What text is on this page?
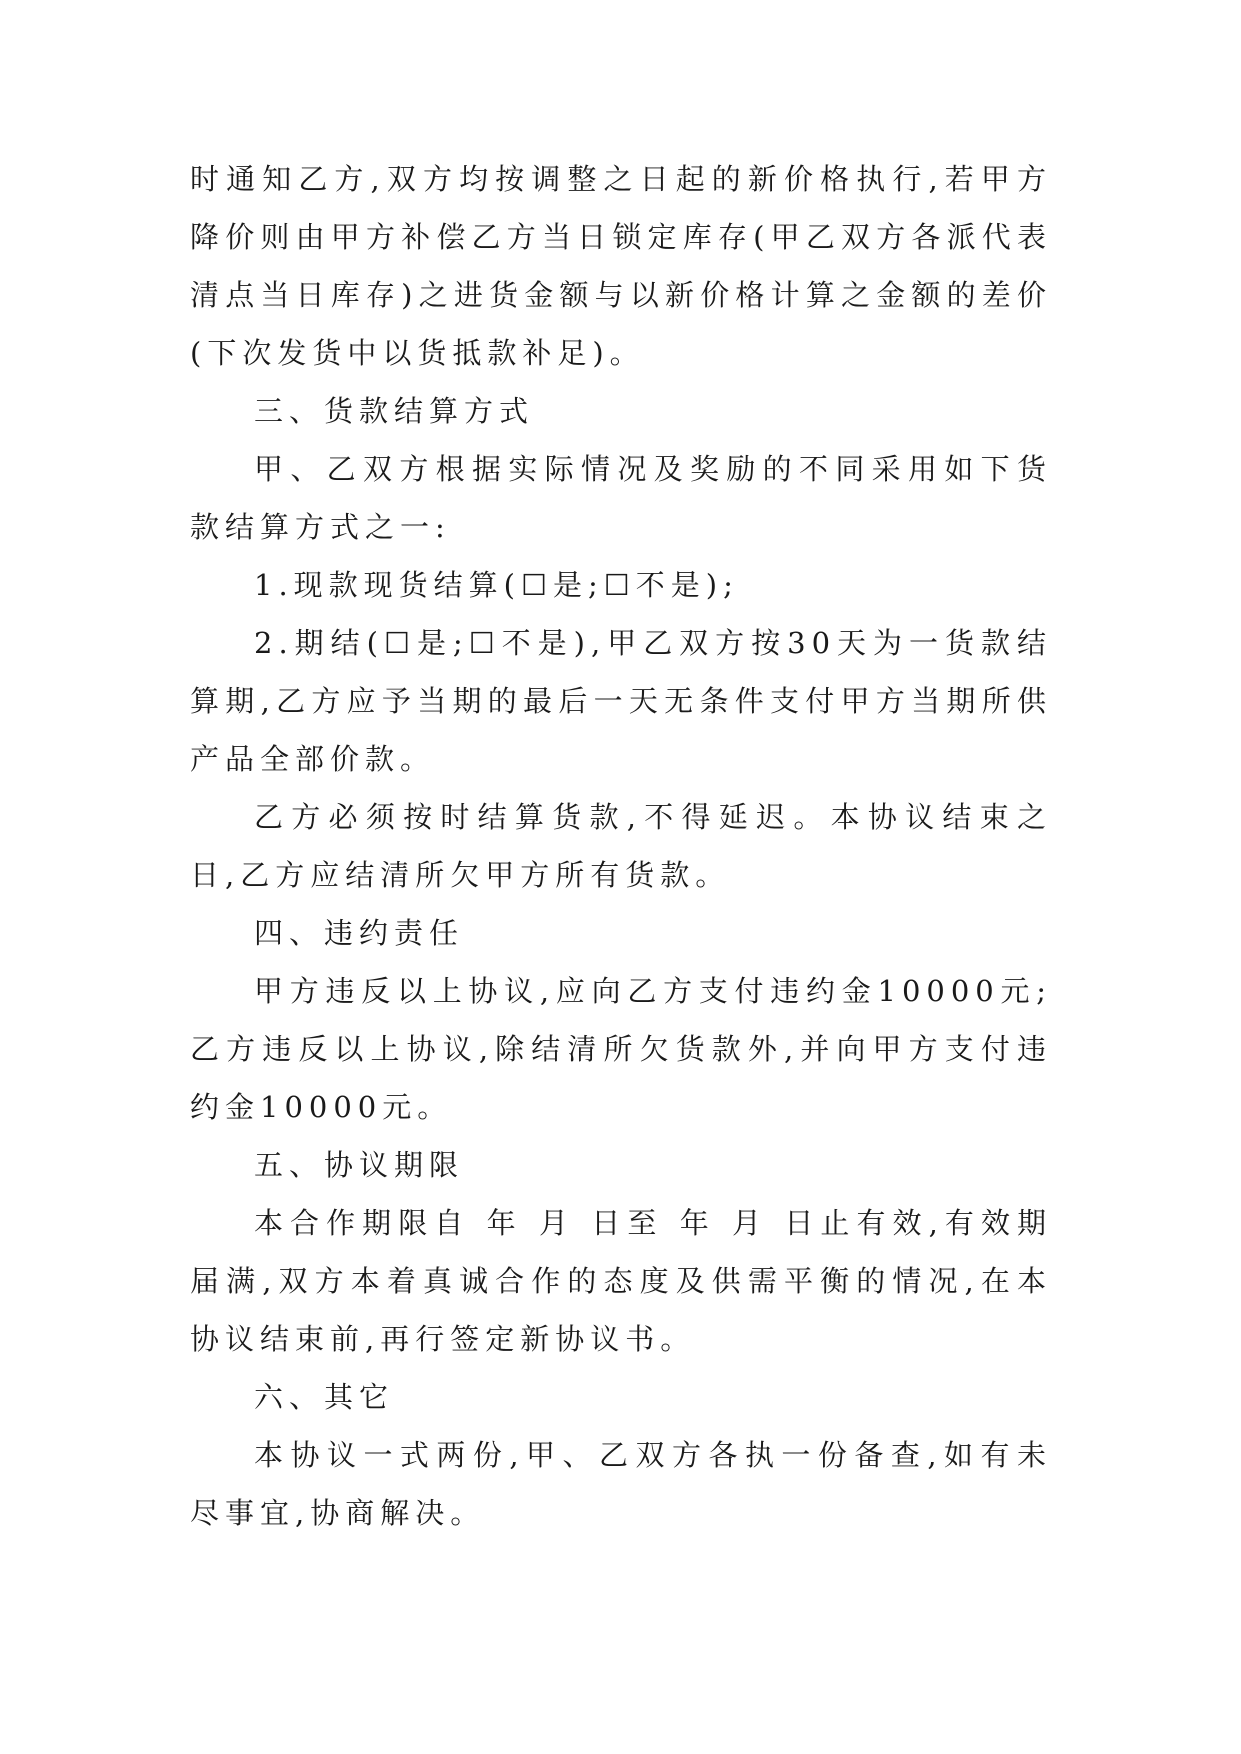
时通知乙方,双方均按调整之日起的新价格执行,若甲方降价则由甲方补偿乙方当日锁定库存(甲乙双方各派代表清点当日库存)之进货金额与以新价格计算之金额的差价(下次发货中以货抵款补足)。

三、货款结算方式

甲、乙双方根据实际情况及奖励的不同采用如下货款结算方式之一:

1.现款现货结算(☐是;☐不是);

2.期结(☐是;☐不是),甲乙双方按30天为一货款结算期,乙方应予当期的最后一天无条件支付甲方当期所供产品全部价款。

乙方必须按时结算货款,不得延迟。本协议结束之日,乙方应结清所欠甲方所有货款。

四、违约责任

甲方违反以上协议,应向乙方支付违约金10000元;乙方违反以上协议,除结清所欠货款外,并向甲方支付违约金10000元。

五、协议期限

本合作期限自 年 月 日至 年 月 日止有效,有效期届满,双方本着真诚合作的态度及供需平衡的情况,在本协议结束前,再行签定新协议书。

六、其它

本协议一式两份,甲、乙双方各执一份备查,如有未尽事宜,协商解决。
